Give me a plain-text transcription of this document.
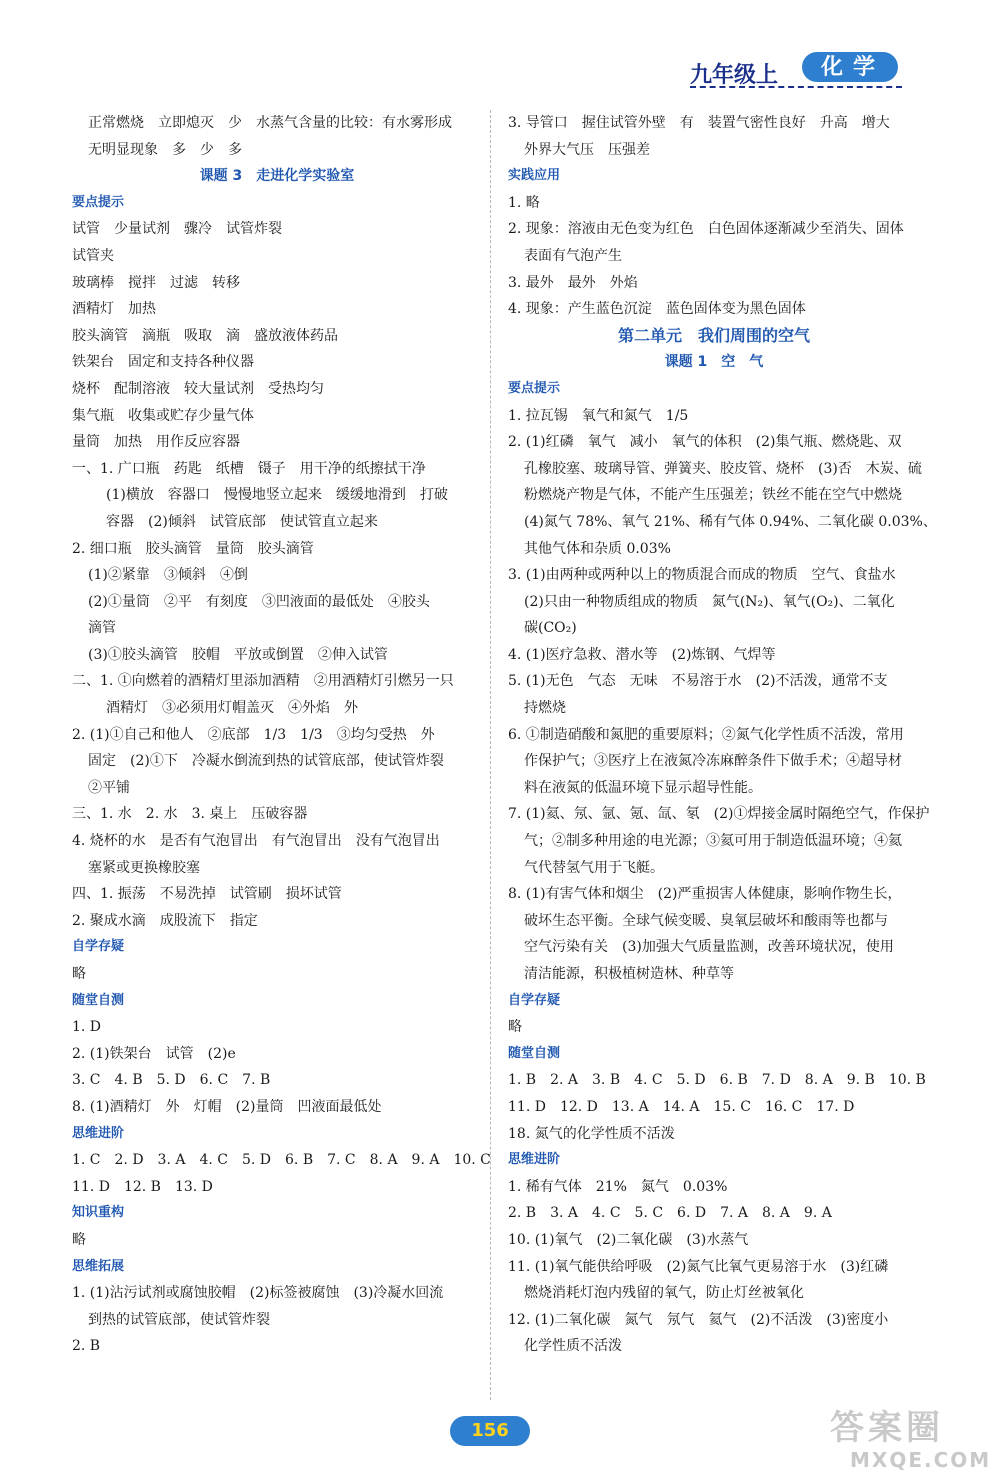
九年级上	化学
正常燃烧　立即熄灭　少　水蒸气含量的比较：有水雾形成
无明显现象　多　少　多
课题 3　走进化学实验室
要点提示
试管　少量试剂　骤冷　试管炸裂
试管夹
玻璃棒　搅拌　过滤　转移
酒精灯　加热
胶头滴管　滴瓶　吸取　滴　盛放液体药品
铁架台　固定和支持各种仪器
烧杯　配制溶液　较大量试剂　受热均匀
集气瓶　收集或贮存少量气体
量筒　加热　用作反应容器
一、1. 广口瓶　药匙　纸槽　镊子　用干净的纸擦拭干净
(1)横放　容器口　慢慢地竖立起来　缓缓地滑到　打破
容器　(2)倾斜　试管底部　使试管直立起来
2. 细口瓶　胶头滴管　量筒　胶头滴管
(1)②紧靠　③倾斜　④倒
(2)①量筒　②平　有刻度　③凹液面的最低处　④胶头
滴管
(3)①胶头滴管　胶帽　平放或倒置　②伸入试管
二、1. ①向燃着的酒精灯里添加酒精　②用酒精灯引燃另一只
酒精灯　③必须用灯帽盖灭　④外焰　外
2. (1)①自己和他人　②底部　1/3　1/3　③均匀受热　外
固定　(2)①下　冷凝水倒流到热的试管底部，使试管炸裂
②平铺
三、1. 水　2. 水　3. 桌上　压破容器
4. 烧杯的水　是否有气泡冒出　有气泡冒出　没有气泡冒出
塞紧或更换橡胶塞
四、1. 振荡　不易洗掉　试管刷　损坏试管
2. 聚成水滴　成股流下　指定
自学存疑
略
随堂自测
1. D
2. (1)铁架台　试管　(2)e
3. C　4. B　5. D　6. C　7. B
8. (1)酒精灯　外　灯帽　(2)量筒　凹液面最低处
思维进阶
1. C　2. D　3. A　4. C　5. D　6. B　7. C　8. A　9. A　10. C
11. D　12. B　13. D
知识重构
略
思维拓展
1. (1)沾污试剂或腐蚀胶帽　(2)标签被腐蚀　(3)冷凝水回流
到热的试管底部，使试管炸裂
2. B
3. 导管口　握住试管外壁　有　装置气密性良好　升高　增大
外界大气压　压强差
实践应用
1. 略
2. 现象：溶液由无色变为红色　白色固体逐渐减少至消失、固体
表面有气泡产生
3. 最外　最外　外焰
4. 现象：产生蓝色沉淀　蓝色固体变为黑色固体
第二单元　我们周围的空气
课题 1　空　气
要点提示
1. 拉瓦锡　氧气和氮气　1/5
2. (1)红磷　氧气　减小　氧气的体积　(2)集气瓶、燃烧匙、双
孔橡胶塞、玻璃导管、弹簧夹、胶皮管、烧杯　(3)否　木炭、硫
粉燃烧产物是气体，不能产生压强差；铁丝不能在空气中燃烧
(4)氮气 78%、氧气 21%、稀有气体 0.94%、二氧化碳 0.03%、
其他气体和杂质 0.03%
3. (1)由两种或两种以上的物质混合而成的物质　空气、食盐水
(2)只由一种物质组成的物质　氮气(N₂)、氧气(O₂)、二氧化
碳(CO₂)
4. (1)医疗急救、潜水等　(2)炼钢、气焊等
5. (1)无色　气态　无味　不易溶于水　(2)不活泼，通常不支
持燃烧
6. ①制造硝酸和氮肥的重要原料；②氮气化学性质不活泼，常用
作保护气；③医疗上在液氮冷冻麻醉条件下做手术；④超导材
料在液氮的低温环境下显示超导性能。
7. (1)氦、氖、氩、氪、氙、氡　(2)①焊接金属时隔绝空气，作保护
气；②制多种用途的电光源；③氦可用于制造低温环境；④氦
气代替氢气用于飞艇。
8. (1)有害气体和烟尘　(2)严重损害人体健康，影响作物生长，
破坏生态平衡。全球气候变暖、臭氧层破坏和酸雨等也都与
空气污染有关　(3)加强大气质量监测，改善环境状况，使用
清洁能源，积极植树造林、种草等
自学存疑
略
随堂自测
1. B　2. A　3. B　4. C　5. D　6. B　7. D　8. A　9. B　10. B
11. D　12. D　13. A　14. A　15. C　16. C　17. D
18. 氮气的化学性质不活泼
思维进阶
1. 稀有气体　21%　氮气　0.03%
2. B　3. A　4. C　5. C　6. D　7. A　8. A　9. A
10. (1)氧气　(2)二氧化碳　(3)水蒸气
11. (1)氧气能供给呼吸　(2)氮气比氧气更易溶于水　(3)红磷
燃烧消耗灯泡内残留的氧气，防止灯丝被氧化
12. (1)二氧化碳　氮气　氖气　氦气　(2)不活泼　(3)密度小
化学性质不活泼
156	答案圈
MXQE.COM
